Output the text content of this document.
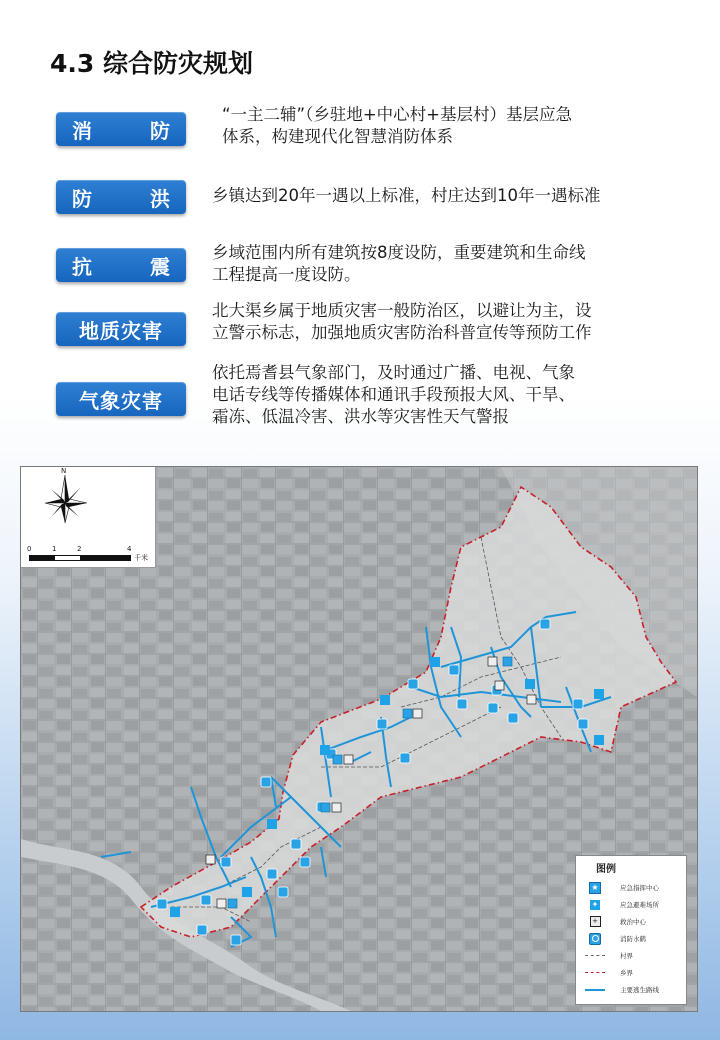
4.3 综合防灾规划
消	防
“一主二辅”（乡驻地+中心村+基层村）基层应急
体系，构建现代化智慧消防体系
防	洪	乡镇达到20年一遇以上标准，村庄达到10年一遇标准
抗	震
乡域范围内所有建筑按8度设防，重要建筑和生命线
工程提高一度设防。
地质灾害
北大渠乡属于地质灾害一般防治区，以避让为主，设
立警示标志，加强地质灾害防治科普宣传等预防工作
气象灾害
依托焉耆县气象部门，及时通过广播、电视、气象
电话专线等传播媒体和通讯手段预报大风、干旱、
霜冻、低温冷害、洪水等灾害性天气警报
N
0	1	2	4
千米
图例
★	应急指挥中心
✦	应急避难场所
+	救治中心
消防水鹤
村界
乡界
主要逃生路线
